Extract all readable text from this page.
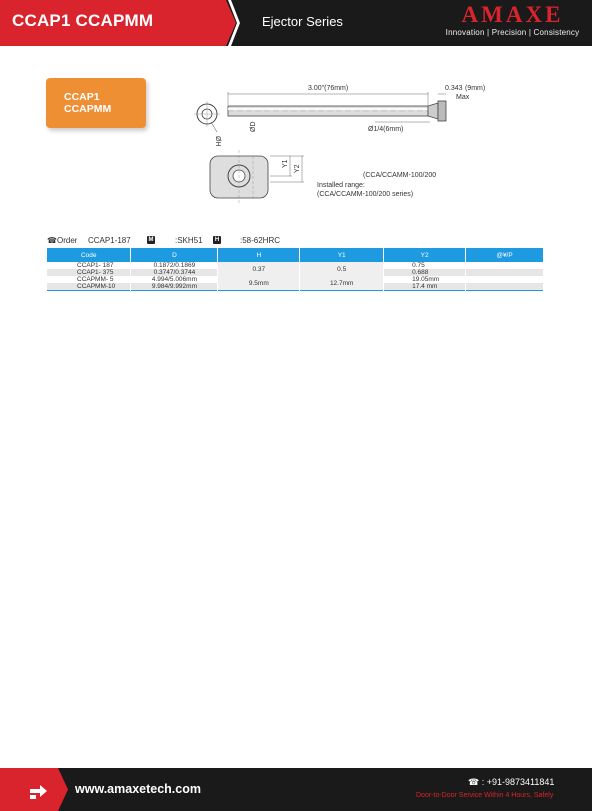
CCAP1 CCAPMM	Ejector Series	AMAXE
Innovation | Precision | Consistency
CCAP1
CCAPMM
ØH
3.00"(76mm)	0.343 (9mm)
Max
ØD	Ø1/4(6mm)
Y1
Y2
(CCA/CCAMM-100/200
Installed range:
(CCA/CCAMM-100/200 series)
☎ Order CCAP1-187	M	:SKH51	H	:58-62HRC
Code	D	H	Y1	Y2	@¥/P
CCAP1- 187	0.1872/0.1869	0.37	0.5	0.75	
CCAP1- 375	0.3747/0.3744			0.688	
CCAPMM- 5	4.994/5.006mm	9.5mm	12.7mm	19.05mm	
CCAPMM-10	9.984/9.992mm			17.4 mm	
www.amaxetech.com	☎ : +91-9873411841
Door-to-Door Service Within 4 Hours, Safely
